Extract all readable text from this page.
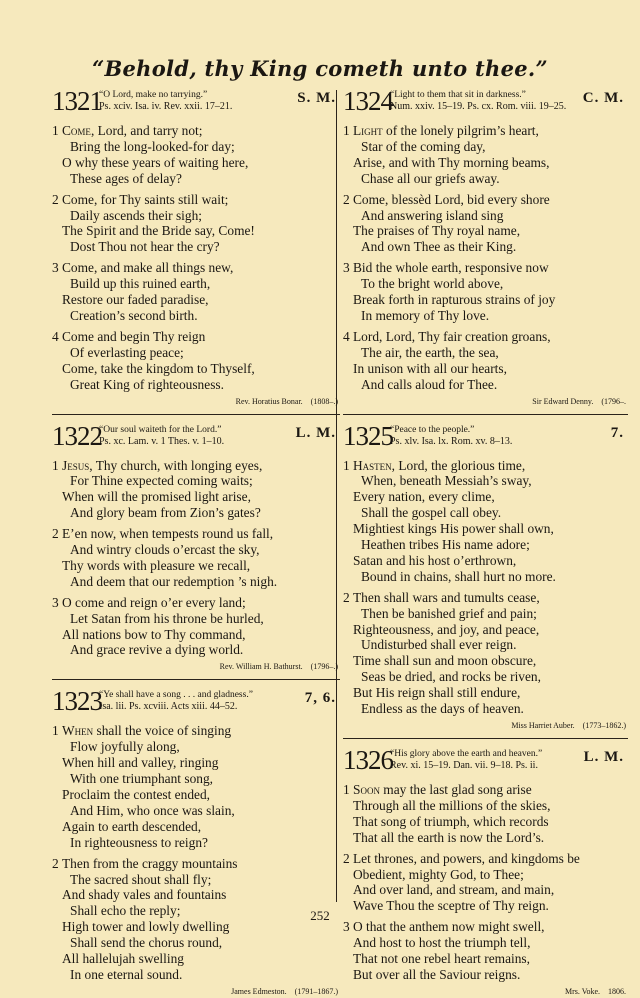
“Behold, thy King cometh unto thee.”
1321
“O Lord, make no tarrying.”
Ps. xciv. Isa. iv. Rev. xxii. 17–21.
S. M.
1 Come, Lord, and tarry not;
Bring the long-looked-for day;
O why these years of waiting here,
These ages of delay?
2 Come, for Thy saints still wait;
Daily ascends their sigh;
The Spirit and the Bride say, Come!
Dost Thou not hear the cry?
3 Come, and make all things new,
Build up this ruined earth,
Restore our faded paradise,
Creation’s second birth.
4 Come and begin Thy reign
Of everlasting peace;
Come, take the kingdom to Thyself,
Great King of righteousness.
Rev. Horatius Bonar.  (1808–.)
1322
“Our soul waiteth for the Lord.”
Ps. xc. Lam. v. 1 Thes. v. 1–10.
L. M.
1 Jesus, Thy church, with longing eyes,
For Thine expected coming waits;
When will the promised light arise,
And glory beam from Zion’s gates?
2 E’en now, when tempests round us fall,
And wintry clouds o’ercast the sky,
Thy words with pleasure we recall,
And deem that our redemption ’s nigh.
3 O come and reign o’er every land;
Let Satan from his throne be hurled,
All nations bow to Thy command,
And grace revive a dying world.
Rev. William H. Bathurst.  (1796–.)
1323
“Ye shall have a song . . . and gladness.”
Isa. lii. Ps. xcviii. Acts xiii. 44–52.
7, 6.
1 When shall the voice of singing
Flow joyfully along,
When hill and valley, ringing
With one triumphant song,
Proclaim the contest ended,
And Him, who once was slain,
Again to earth descended,
In righteousness to reign?
2 Then from the craggy mountains
The sacred shout shall fly;
And shady vales and fountains
Shall echo the reply;
High tower and lowly dwelling
Shall send the chorus round,
All hallelujah swelling
In one eternal sound.
James Edmeston.  (1791–1867.)
1324
“Light to them that sit in darkness.”
Num. xxiv. 15–19. Ps. cx. Rom. viii. 19–25.
C. M.
1 Light of the lonely pilgrim’s heart,
Star of the coming day,
Arise, and with Thy morning beams,
Chase all our griefs away.
2 Come, blessèd Lord, bid every shore
And answering island sing
The praises of Thy royal name,
And own Thee as their King.
3 Bid the whole earth, responsive now
To the bright world above,
Break forth in rapturous strains of joy
In memory of Thy love.
4 Lord, Lord, Thy fair creation groans,
The air, the earth, the sea,
In unison with all our hearts,
And calls aloud for Thee.
Sir Edward Denny.  (1796–.
1325
“Peace to the people.”
Ps. xlv. Isa. lx. Rom. xv. 8–13.
7.
1 Hasten, Lord, the glorious time,
When, beneath Messiah’s sway,
Every nation, every clime,
Shall the gospel call obey.
Mightiest kings His power shall own,
Heathen tribes His name adore;
Satan and his host o’erthrown,
Bound in chains, shall hurt no more.
2 Then shall wars and tumults cease,
Then be banished grief and pain;
Righteousness, and joy, and peace,
Undisturbed shall ever reign.
Time shall sun and moon obscure,
Seas be dried, and rocks be riven,
But His reign shall still endure,
Endless as the days of heaven.
Miss Harriet Auber.  (1773–1862.)
1326
“His glory above the earth and heaven.”
Rev. xi. 15–19. Dan. vii. 9–18. Ps. ii.
L. M.
1 Soon may the last glad song arise
Through all the millions of the skies,
That song of triumph, which records
That all the earth is now the Lord’s.
2 Let thrones, and powers, and kingdoms be
Obedient, mighty God, to Thee;
And over land, and stream, and main,
Wave Thou the sceptre of Thy reign.
3 O that the anthem now might swell,
And host to host the triumph tell,
That not one rebel heart remains,
But over all the Saviour reigns.
Mrs. Voke.  1806.
252
